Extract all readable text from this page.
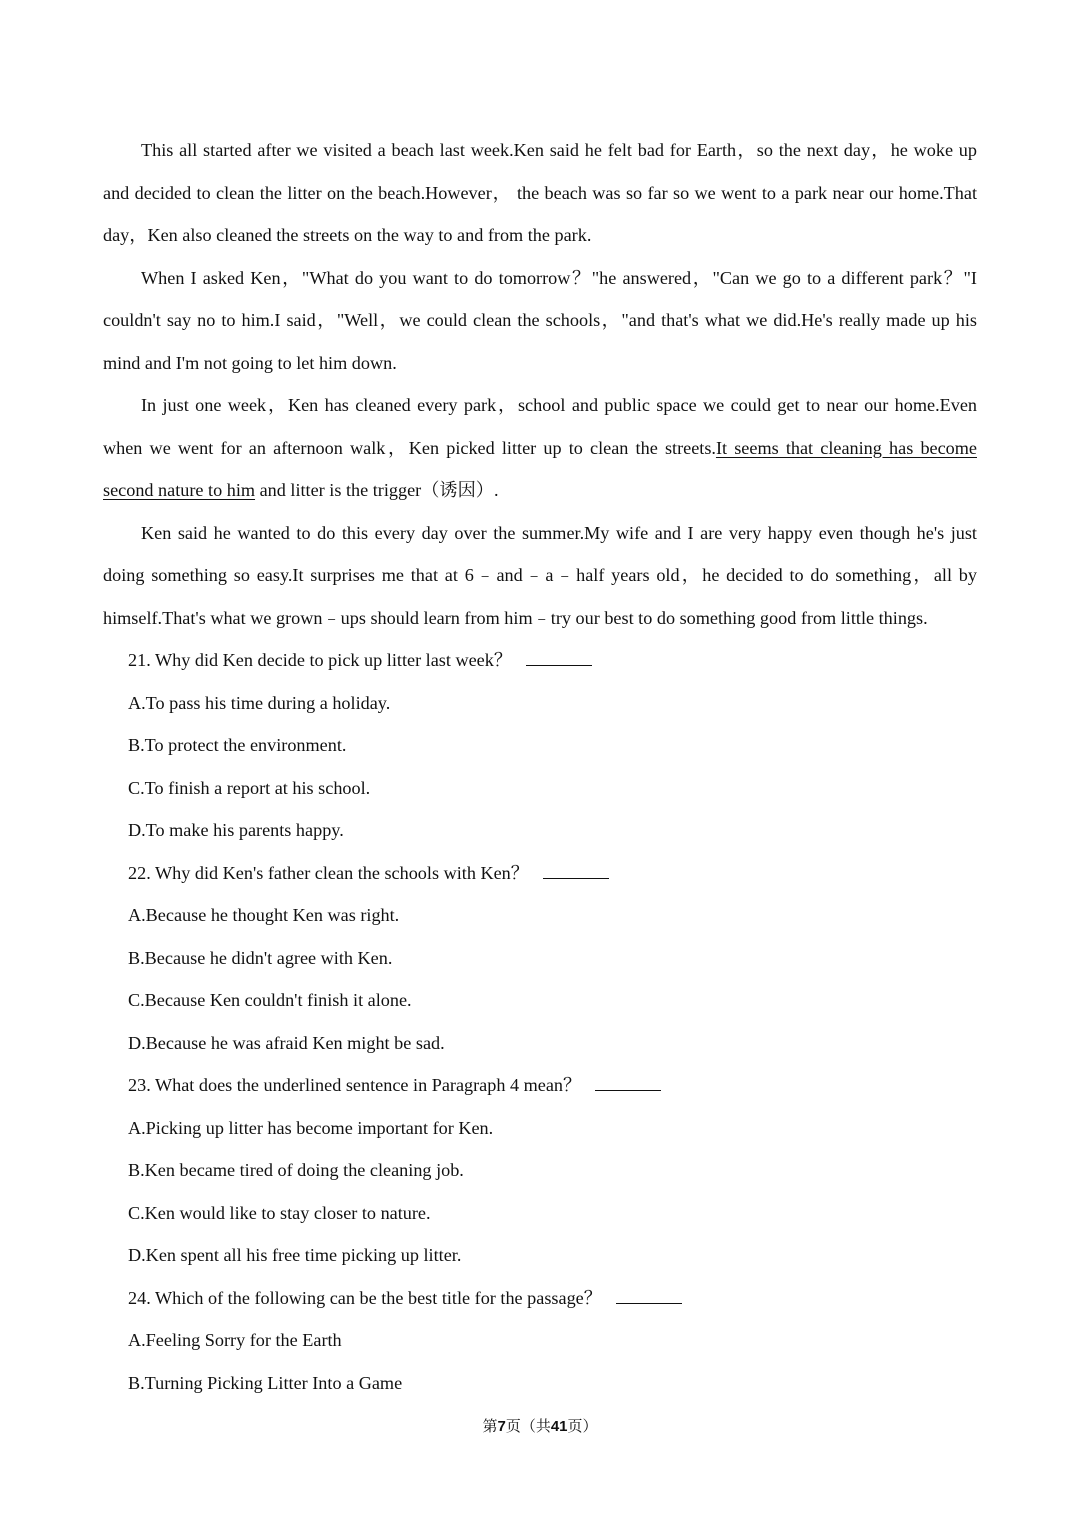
This all started after we visited a beach last week.Ken said he felt bad for Earth，so the next day，he woke up and decided to clean the litter on the beach.However， the beach was so far so we went to a park near our home.That day，Ken also cleaned the streets on the way to and from the park.

When I asked Ken，"What do you want to do tomorrow？"he answered，"Can we go to a different park？"I couldn't say no to him.I said，"Well，we could clean the schools，"and that's what we did.He's really made up his mind and I'm not going to let him down.

In just one week，Ken has cleaned every park，school and public space we could get to near our home.Even when we went for an afternoon walk，Ken picked litter up to clean the streets.It seems that cleaning has become second nature to him and litter is the trigger（诱因）.

Ken said he wanted to do this every day over the summer.My wife and I are very happy even though he's just doing something so easy.It surprises me that at 6﹣and﹣a﹣half years old，he decided to do something，all by himself.That's what we grown﹣ups should learn from him﹣try our best to do something good from little things.

21. Why did Ken decide to pick up litter last week？
A.To pass his time during a holiday.
B.To protect the environment.
C.To finish a report at his school.
D.To make his parents happy.
22. Why did Ken's father clean the schools with Ken？
A.Because he thought Ken was right.
B.Because he didn't agree with Ken.
C.Because Ken couldn't finish it alone.
D.Because he was afraid Ken might be sad.
23. What does the underlined sentence in Paragraph 4 mean？
A.Picking up litter has become important for Ken.
B.Ken became tired of doing the cleaning job.
C.Ken would like to stay closer to nature.
D.Ken spent all his free time picking up litter.
24. Which of the following can be the best title for the passage？
A.Feeling Sorry for the Earth
B.Turning Picking Litter Into a Game
第7页（共41页）
